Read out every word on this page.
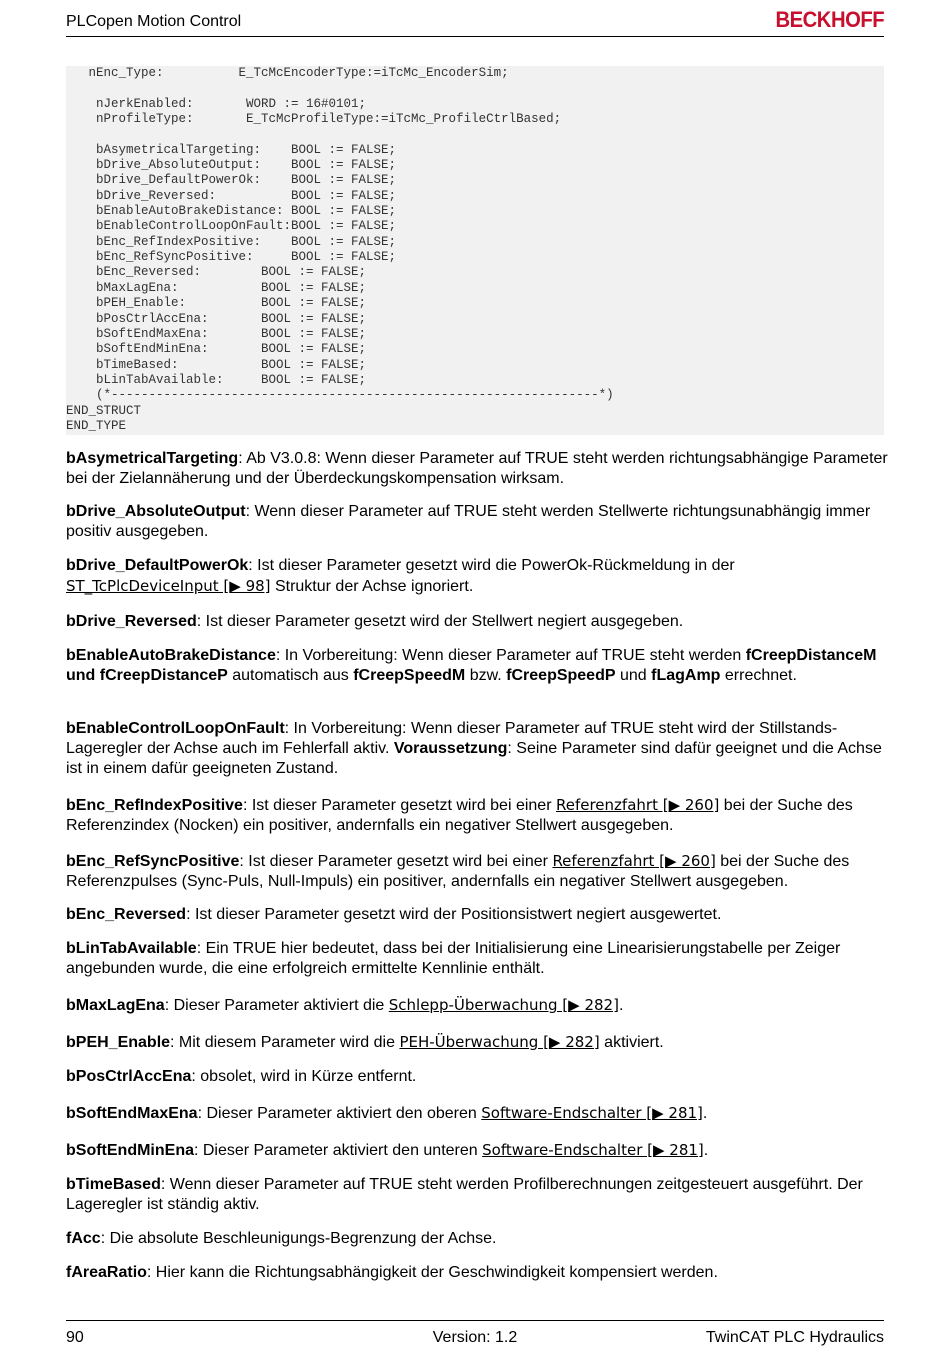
PLCopen Motion Control	BECKHOFF
nEnc_Type:          E_TcMcEncoderType:=iTcMc_EncoderSim;
nJerkEnabled:       WORD := 16#0101;
nProfileType:       E_TcMcProfileType:=iTcMc_ProfileCtrlBased;
bAsymetricalTargeting:    BOOL := FALSE;
bDrive_AbsoluteOutput:    BOOL := FALSE;
bDrive_DefaultPowerOk:    BOOL := FALSE;
bDrive_Reversed:          BOOL := FALSE;
bEnableAutoBrakeDistance: BOOL := FALSE;
bEnableControlLoopOnFault:BOOL := FALSE;
bEnc_RefIndexPositive:    BOOL := FALSE;
bEnc_RefSyncPositive:     BOOL := FALSE;
bEnc_Reversed:        BOOL := FALSE;
bMaxLagEna:           BOOL := FALSE;
bPEH_Enable:          BOOL := FALSE;
bPosCtrlAccEna:       BOOL := FALSE;
bSoftEndMaxEna:       BOOL := FALSE;
bSoftEndMinEna:       BOOL := FALSE;
bTimeBased:           BOOL := FALSE;
bLinTabAvailable:     BOOL := FALSE;
(*-----------------------------------------------------------------*)
END_STRUCT
END_TYPE

bAsymetricalTargeting: Ab V3.0.8: Wenn dieser Parameter auf TRUE steht werden richtungsabhängige Parameter bei der Zielannäherung und der Überdeckungskompensation wirksam.

bDrive_AbsoluteOutput: Wenn dieser Parameter auf TRUE steht werden Stellwerte richtungsunabhängig immer positiv ausgegeben.

bDrive_DefaultPowerOk: Ist dieser Parameter gesetzt wird die PowerOk-Rückmeldung in der
ST_TcPlcDeviceInput [▶ 98] Struktur der Achse ignoriert.

bDrive_Reversed: Ist dieser Parameter gesetzt wird der Stellwert negiert ausgegeben.

bEnableAutoBrakeDistance: In Vorbereitung: Wenn dieser Parameter auf TRUE steht werden fCreepDistanceM und fCreepDistanceP automatisch aus fCreepSpeedM bzw. fCreepSpeedP und fLagAmp errechnet.

bEnableControlLoopOnFault: In Vorbereitung: Wenn dieser Parameter auf TRUE steht wird der Stillstands-Lageregler der Achse auch im Fehlerfall aktiv. Voraussetzung: Seine Parameter sind dafür geeignet und die Achse ist in einem dafür geeigneten Zustand.

bEnc_RefIndexPositive: Ist dieser Parameter gesetzt wird bei einer Referenzfahrt [▶ 260] bei der Suche des Referenzindex (Nocken) ein positiver, andernfalls ein negativer Stellwert ausgegeben.

bEnc_RefSyncPositive: Ist dieser Parameter gesetzt wird bei einer Referenzfahrt [▶ 260] bei der Suche des Referenzpulses (Sync-Puls, Null-Impuls) ein positiver, andernfalls ein negativer Stellwert ausgegeben.

bEnc_Reversed: Ist dieser Parameter gesetzt wird der Positionsistwert negiert ausgewertet.

bLinTabAvailable: Ein TRUE hier bedeutet, dass bei der Initialisierung eine Linearisierungstabelle per Zeiger angebunden wurde, die eine erfolgreich ermittelte Kennlinie enthält.

bMaxLagEna: Dieser Parameter aktiviert die Schlepp-Überwachung [▶ 282].

bPEH_Enable: Mit diesem Parameter wird die PEH-Überwachung [▶ 282] aktiviert.

bPosCtrlAccEna: obsolet, wird in Kürze entfernt.

bSoftEndMaxEna: Dieser Parameter aktiviert den oberen Software-Endschalter [▶ 281].

bSoftEndMinEna: Dieser Parameter aktiviert den unteren Software-Endschalter [▶ 281].

bTimeBased: Wenn dieser Parameter auf TRUE steht werden Profilberechnungen zeitgesteuert ausgeführt. Der Lageregler ist ständig aktiv.

fAcc: Die absolute Beschleunigungs-Begrenzung der Achse.

fAreaRatio: Hier kann die Richtungsabhängigkeit der Geschwindigkeit kompensiert werden.

90	Version: 1.2	TwinCAT PLC Hydraulics
